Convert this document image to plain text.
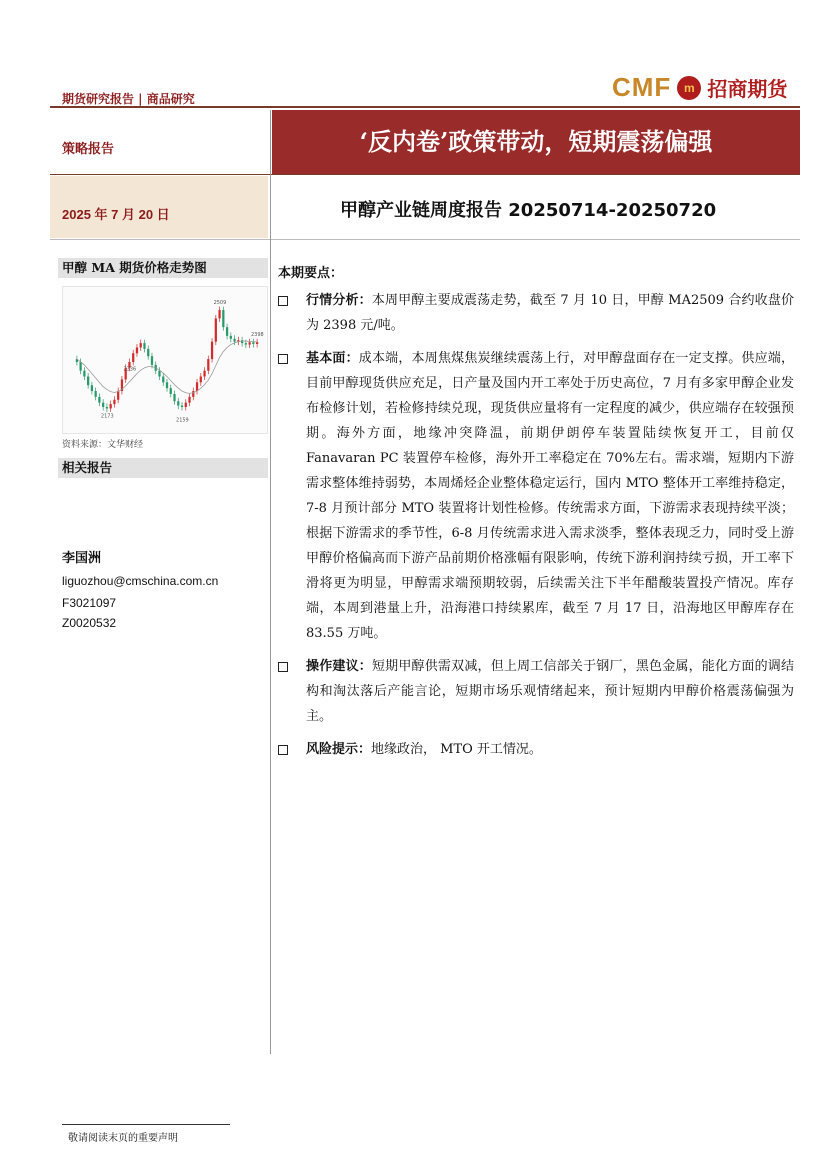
期货研究报告 | 商品研究	CMF	m 招商期货
‘反内卷’政策带动，短期震荡偏强
策略报告
2025 年 7 月 20 日	甲醇产业链周度报告 20250714-20250720
甲醇 MA 期货价格走势图
2509
2398
2336
2173
2159
资料来源：文华财经
相关报告
李国洲
liguozhou@cmschina.com.cn
F3021097
Z0020532
本期要点：
行情分析：本周甲醇主要成震荡走势，截至 7 月 10 日，甲醇 MA2509 合约收盘价为 2398 元/吨。
基本面：成本端，本周焦煤焦炭继续震荡上行，对甲醇盘面存在一定支撑。供应端，目前甲醇现货供应充足，日产量及国内开工率处于历史高位，7 月有多家甲醇企业发布检修计划，若检修持续兑现，现货供应量将有一定程度的减少，供应端存在较强预期。海外方面，地缘冲突降温，前期伊朗停车装置陆续恢复开工，目前仅 Fanavaran PC 装置停车检修，海外开工率稳定在 70%左右。需求端，短期内下游需求整体维持弱势，本周烯烃企业整体稳定运行，国内 MTO 整体开工率维持稳定， 7-8 月预计部分 MTO 装置将计划性检修。传统需求方面，下游需求表现持续平淡；根据下游需求的季节性，6-8 月传统需求进入需求淡季，整体表现乏力，同时受上游甲醇价格偏高而下游产品前期价格涨幅有限影响，传统下游利润持续亏损，开工率下滑将更为明显，甲醇需求端预期较弱，后续需关注下半年醋酸装置投产情况。库存端，本周到港量上升，沿海港口持续累库，截至 7 月 17 日，沿海地区甲醇库存在 83.55 万吨。
操作建议：短期甲醇供需双减，但上周工信部关于钢厂，黑色金属，能化方面的调结构和淘汰落后产能言论，短期市场乐观情绪起来，预计短期内甲醇价格震荡偏强为主。
风险提示：地缘政治， MTO 开工情况。
敬请阅读末页的重要声明
